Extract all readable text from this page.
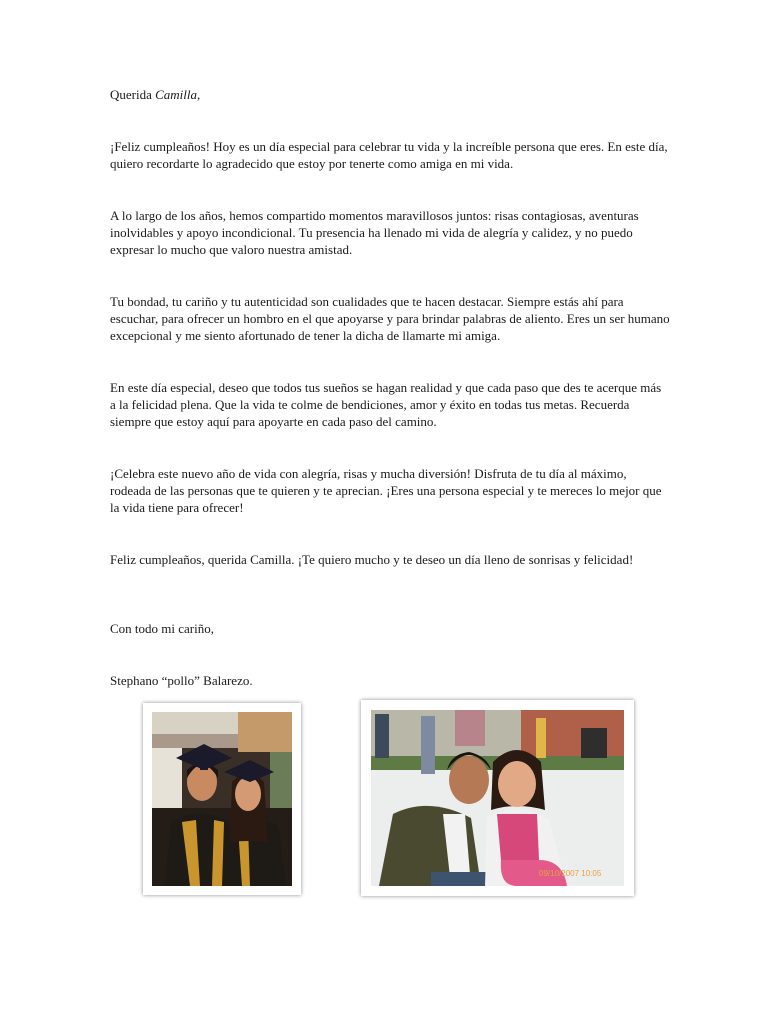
Querida Camilla,

¡Feliz cumpleaños! Hoy es un día especial para celebrar tu vida y la increíble persona que eres. En este día, quiero recordarte lo agradecido que estoy por tenerte como amiga en mi vida.

A lo largo de los años, hemos compartido momentos maravillosos juntos: risas contagiosas, aventuras inolvidables y apoyo incondicional. Tu presencia ha llenado mi vida de alegría y calidez, y no puedo expresar lo mucho que valoro nuestra amistad.

Tu bondad, tu cariño y tu autenticidad son cualidades que te hacen destacar. Siempre estás ahí para escuchar, para ofrecer un hombro en el que apoyarse y para brindar palabras de aliento. Eres un ser humano excepcional y me siento afortunado de tener la dicha de llamarte mi amiga.

En este día especial, deseo que todos tus sueños se hagan realidad y que cada paso que des te acerque más a la felicidad plena. Que la vida te colme de bendiciones, amor y éxito en todas tus metas. Recuerda siempre que estoy aquí para apoyarte en cada paso del camino.

¡Celebra este nuevo año de vida con alegría, risas y mucha diversión! Disfruta de tu día al máximo, rodeada de las personas que te quieren y te aprecian. ¡Eres una persona especial y te mereces lo mejor que la vida tiene para ofrecer!

Feliz cumpleaños, querida Camilla. ¡Te quiero mucho y te deseo un día lleno de sonrisas y felicidad!

Con todo mi cariño,

Stephano “pollo” Balarezo.

09/10/2007 10:05
